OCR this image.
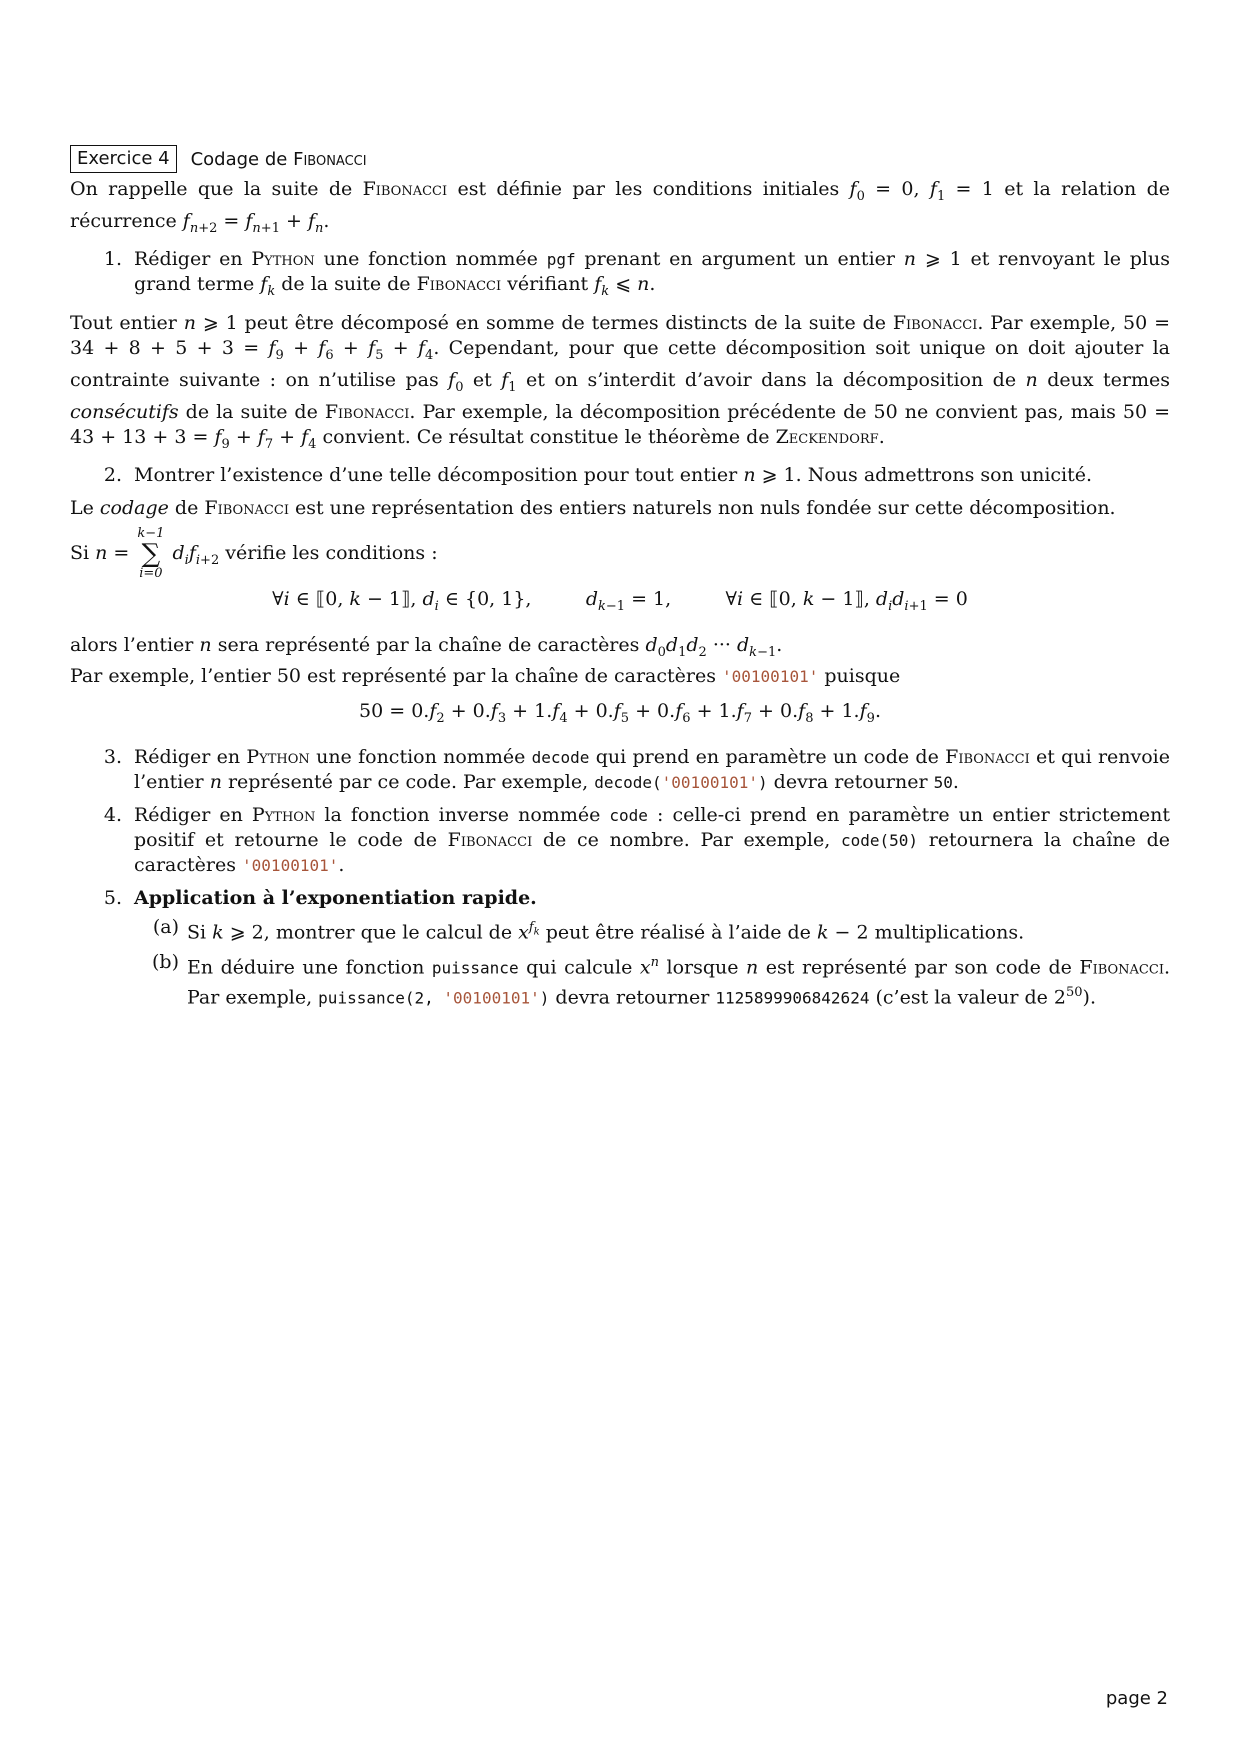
Exercice 4	Codage de Fibonacci

On rappelle que la suite de Fibonacci est définie par les conditions initiales $f_0 = 0$, $f_1 = 1$ et la relation de récurrence $f_{n+2} = f_{n+1} + f_n$.

1. Rédiger en Python une fonction nommée pgf prenant en argument un entier n ⩾ 1 et renvoyant le plus grand terme $f_k$ de la suite de Fibonacci vérifiant $f_k$ ⩽ n.

Tout entier n ⩾ 1 peut être décomposé en somme de termes distincts de la suite de Fibonacci. Par exemple, $50 = 34 + 8 + 5 + 3 = f_9 + f_6 + f_5 + f_4$. Cependant, pour que cette décomposition soit unique on doit ajouter la contrainte suivante : on n’utilise pas $f_0$ et $f_1$ et on s’interdit d’avoir dans la décomposition de n deux termes consécutifs de la suite de Fibonacci. Par exemple, la décomposition précédente de 50 ne convient pas, mais $50 = 43 + 13 + 3 = f_9 + f_7 + f_4$ convient. Ce résultat constitue le théorème de Zeckendorf.

2. Montrer l’existence d’une telle décomposition pour tout entier n ⩾ 1. Nous admettrons son unicité.

Le codage de Fibonacci est une représentation des entiers naturels non nuls fondée sur cette décomposition.

Si n =
k−1
∑
i=0
$d_if_{i+2}$ vérifie les conditions :

∀i ∈ ⟦0, k − 1⟧, $d_i$ ∈ {0, 1},         $d_{k-1} = 1$,         ∀i ∈ ⟦0, k − 1⟧, $d_id_{i+1} = 0$

alors l’entier n sera représenté par la chaîne de caractères $d_0d_1d_2$ ··· $d_{k-1}$.
Par exemple, l’entier 50 est représenté par la chaîne de caractères '00100101' puisque

$50 = 0.f_2 + 0.f_3 + 1.f_4 + 0.f_5 + 0.f_6 + 1.f_7 + 0.f_8 + 1.f_9$.
3. Rédiger en Python une fonction nommée decode qui prend en paramètre un code de Fibonacci et qui renvoie l’entier n représenté par ce code. Par exemple, decode('00100101') devra retourner 50.
4. Rédiger en Python la fonction inverse nommée code : celle-ci prend en paramètre un entier strictement positif et retourne le code de Fibonacci de ce nombre. Par exemple, code(50) retournera la chaîne de caractères '00100101'.
5. Application à l’exponentiation rapide.
(a) Si k ⩾ 2, montrer que le calcul de $x^{f_k}$ peut être réalisé à l’aide de k − 2 multiplications.
(b) En déduire une fonction puissance qui calcule $x^n$ lorsque n est représenté par son code de Fibonacci. Par exemple, puissance(2, '00100101') devra retourner 1125899906842624 (c’est la valeur de $2^{50}$).
page 2
